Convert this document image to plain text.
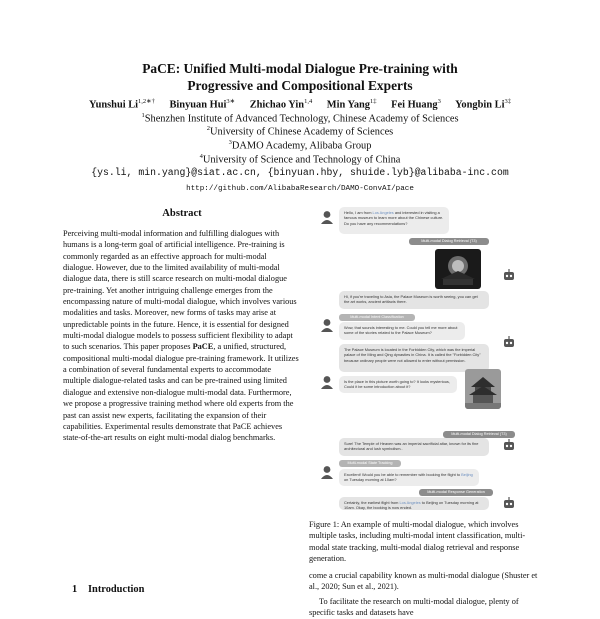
PaCE: Unified Multi-modal Dialogue Pre-training with
Progressive and Compositional Experts
Yunshui $Li^{1,2∗\dagger}$ Binyuan Hui$^{3∗}$ Zhichao Yin$^{1,4}$ Min Yang$^{1\ddagger}$ Fei Huang$^3$ Yongbin $Li^{3\ddagger}$
$^1$Shenzhen Institute of Advanced Technology, Chinese Academy of Sciences
$^2$University of Chinese Academy of Sciences
$^3$DAMO Academy, Alibaba Group
$^4$University of Science and Technology of China
{ys.li, min.yang}@siat.ac.cn, {binyuan.hby, shuide.lyb}@alibaba-inc.com
http://github.com/AlibabaResearch/DAMO-ConvAI/pace
Abstract

Perceiving multi-modal information and fulfilling dialogues with humans is a long-term goal of artificial intelligence. Pre-training is commonly regarded as an effective approach for multi-modal dialogue. However, due to the limited availability of multi-modal dialogue data, there is still scarce research on multi-modal dialogue pre-training. Yet another intriguing challenge emerges from the encompassing nature of multi-modal dialogue, which involves various modalities and tasks. Moreover, new forms of tasks may arise at unpredictable points in the future. Hence, it is essential for designed multi-modal dialogue models to possess sufficient flexibility to adapt to such scenarios. This paper proposes PaCE, a unified, structured, compositional multi-modal dialogue pre-training framework. It utilizes a combination of several fundamental experts to accommodate multiple dialogue-related tasks and can be pre-trained using limited dialogue and extensive non-dialogue multi-modal data. Furthermore, we propose a progressive training method where old experts from the past can assist new experts, facilitating the expansion of their capabilities. Experimental results demonstrate that PaCE achieves state-of-the-art results on eight multi-modal dialog benchmarks.

1 Introduction
Hello, I am from Los Angeles and interested in visiting a famous museum to learn more about the Chinese culture. Do you have any recommendations?
Multi-modal Dialog Retrieval (T3)
Hi, if you're traveling to Asia, the Palace Museum is worth seeing, you can get the art works, ancient artifacts there.
Multi-modal Intent Classification
Wow, that sounds interesting to me. Could you tell me more about some of the stories related to the Palace Museum?
The Palace Museum is located in the Forbidden City, which was the imperial palace of the Ming and Qing dynasties in China. It is called the "Forbidden City" because ordinary people were not allowed to enter without permission.
Is the place in this picture worth going to? It looks mysterious, Could it be some introduction about it?
Multi-modal Dialog Retrieval (T3)
Sure! The Temple of Heaven was an imperial sacrificial altar, known for its fine architectural and lush symbolism..
Multi-modal State Tracking
Excellent! Would you be able to remember with booking the flight to Beijing on Tuesday morning at 10am?
Multi-modal Response Generation
Certainly, the earliest flight from Los Angeles to Beijing on Tuesday morning at 10am. Okay, the booking is now ended.
Figure 1: An example of multi-modal dialogue, which involves multiple tasks, including multi-modal intent classification, multi-modal state tracking, multi-modal dialog retrieval and response generation.

come a crucial capability known as multi-modal dialogue (Shuster et al., 2020; Sun et al., 2021).

To facilitate the research on multi-modal dialogue, plenty of specific tasks and datasets have
